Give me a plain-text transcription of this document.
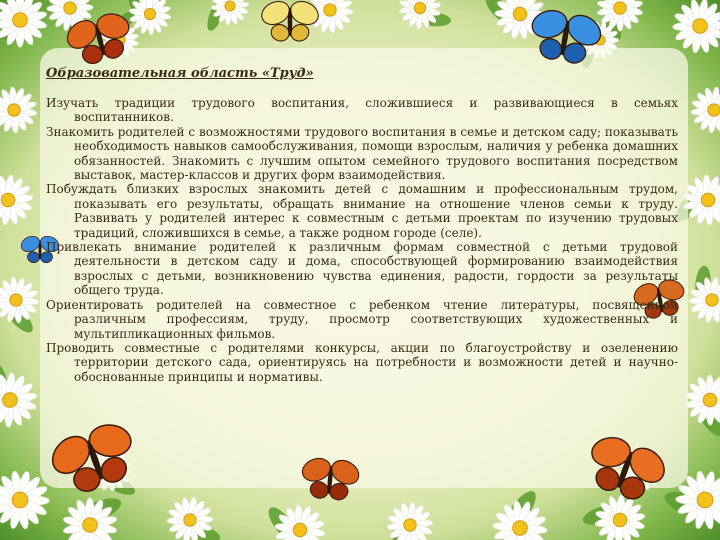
Образовательная область «Труд»

Изучать традиции трудового воспитания, сложившиеся и развивающиеся в семьях воспитанников.

Знакомить родителей с возможностями трудового воспитания в семье и детском саду; показывать необходимость навыков самообслуживания, помощи взрослым, наличия у ребенка домашних обязанностей. Знакомить с лучшим опытом семейного трудового воспитания посредством выставок, мастер-классов и других форм взаимодействия.

Побуждать близких взрослых знакомить детей с домашним и профессиональным трудом, показывать его результаты, обращать внимание на отношение членов семьи к труду. Развивать у родителей интерес к совместным с детьми проектам по изучению трудовых традиций, сложившихся в семье, а также родном городе (селе).

Привлекать внимание родителей к различным формам совместной с детьми трудовой деятельности в детском саду и дома, способствующей формированию взаимодействия взрослых с детьми, возникновению чувства единения, радости, гордости за результаты общего труда.

Ориентировать родителей на совместное с ребенком чтение литературы, посвященной различным профессиям, труду, просмотр соответствующих художественных и мультипликационных фильмов.

Проводить совместные с родителями конкурсы, акции по благоустройству и озеленению территории детского сада, ориентируясь на потребности и возможности детей и научно-обоснованные принципы и нормативы.
